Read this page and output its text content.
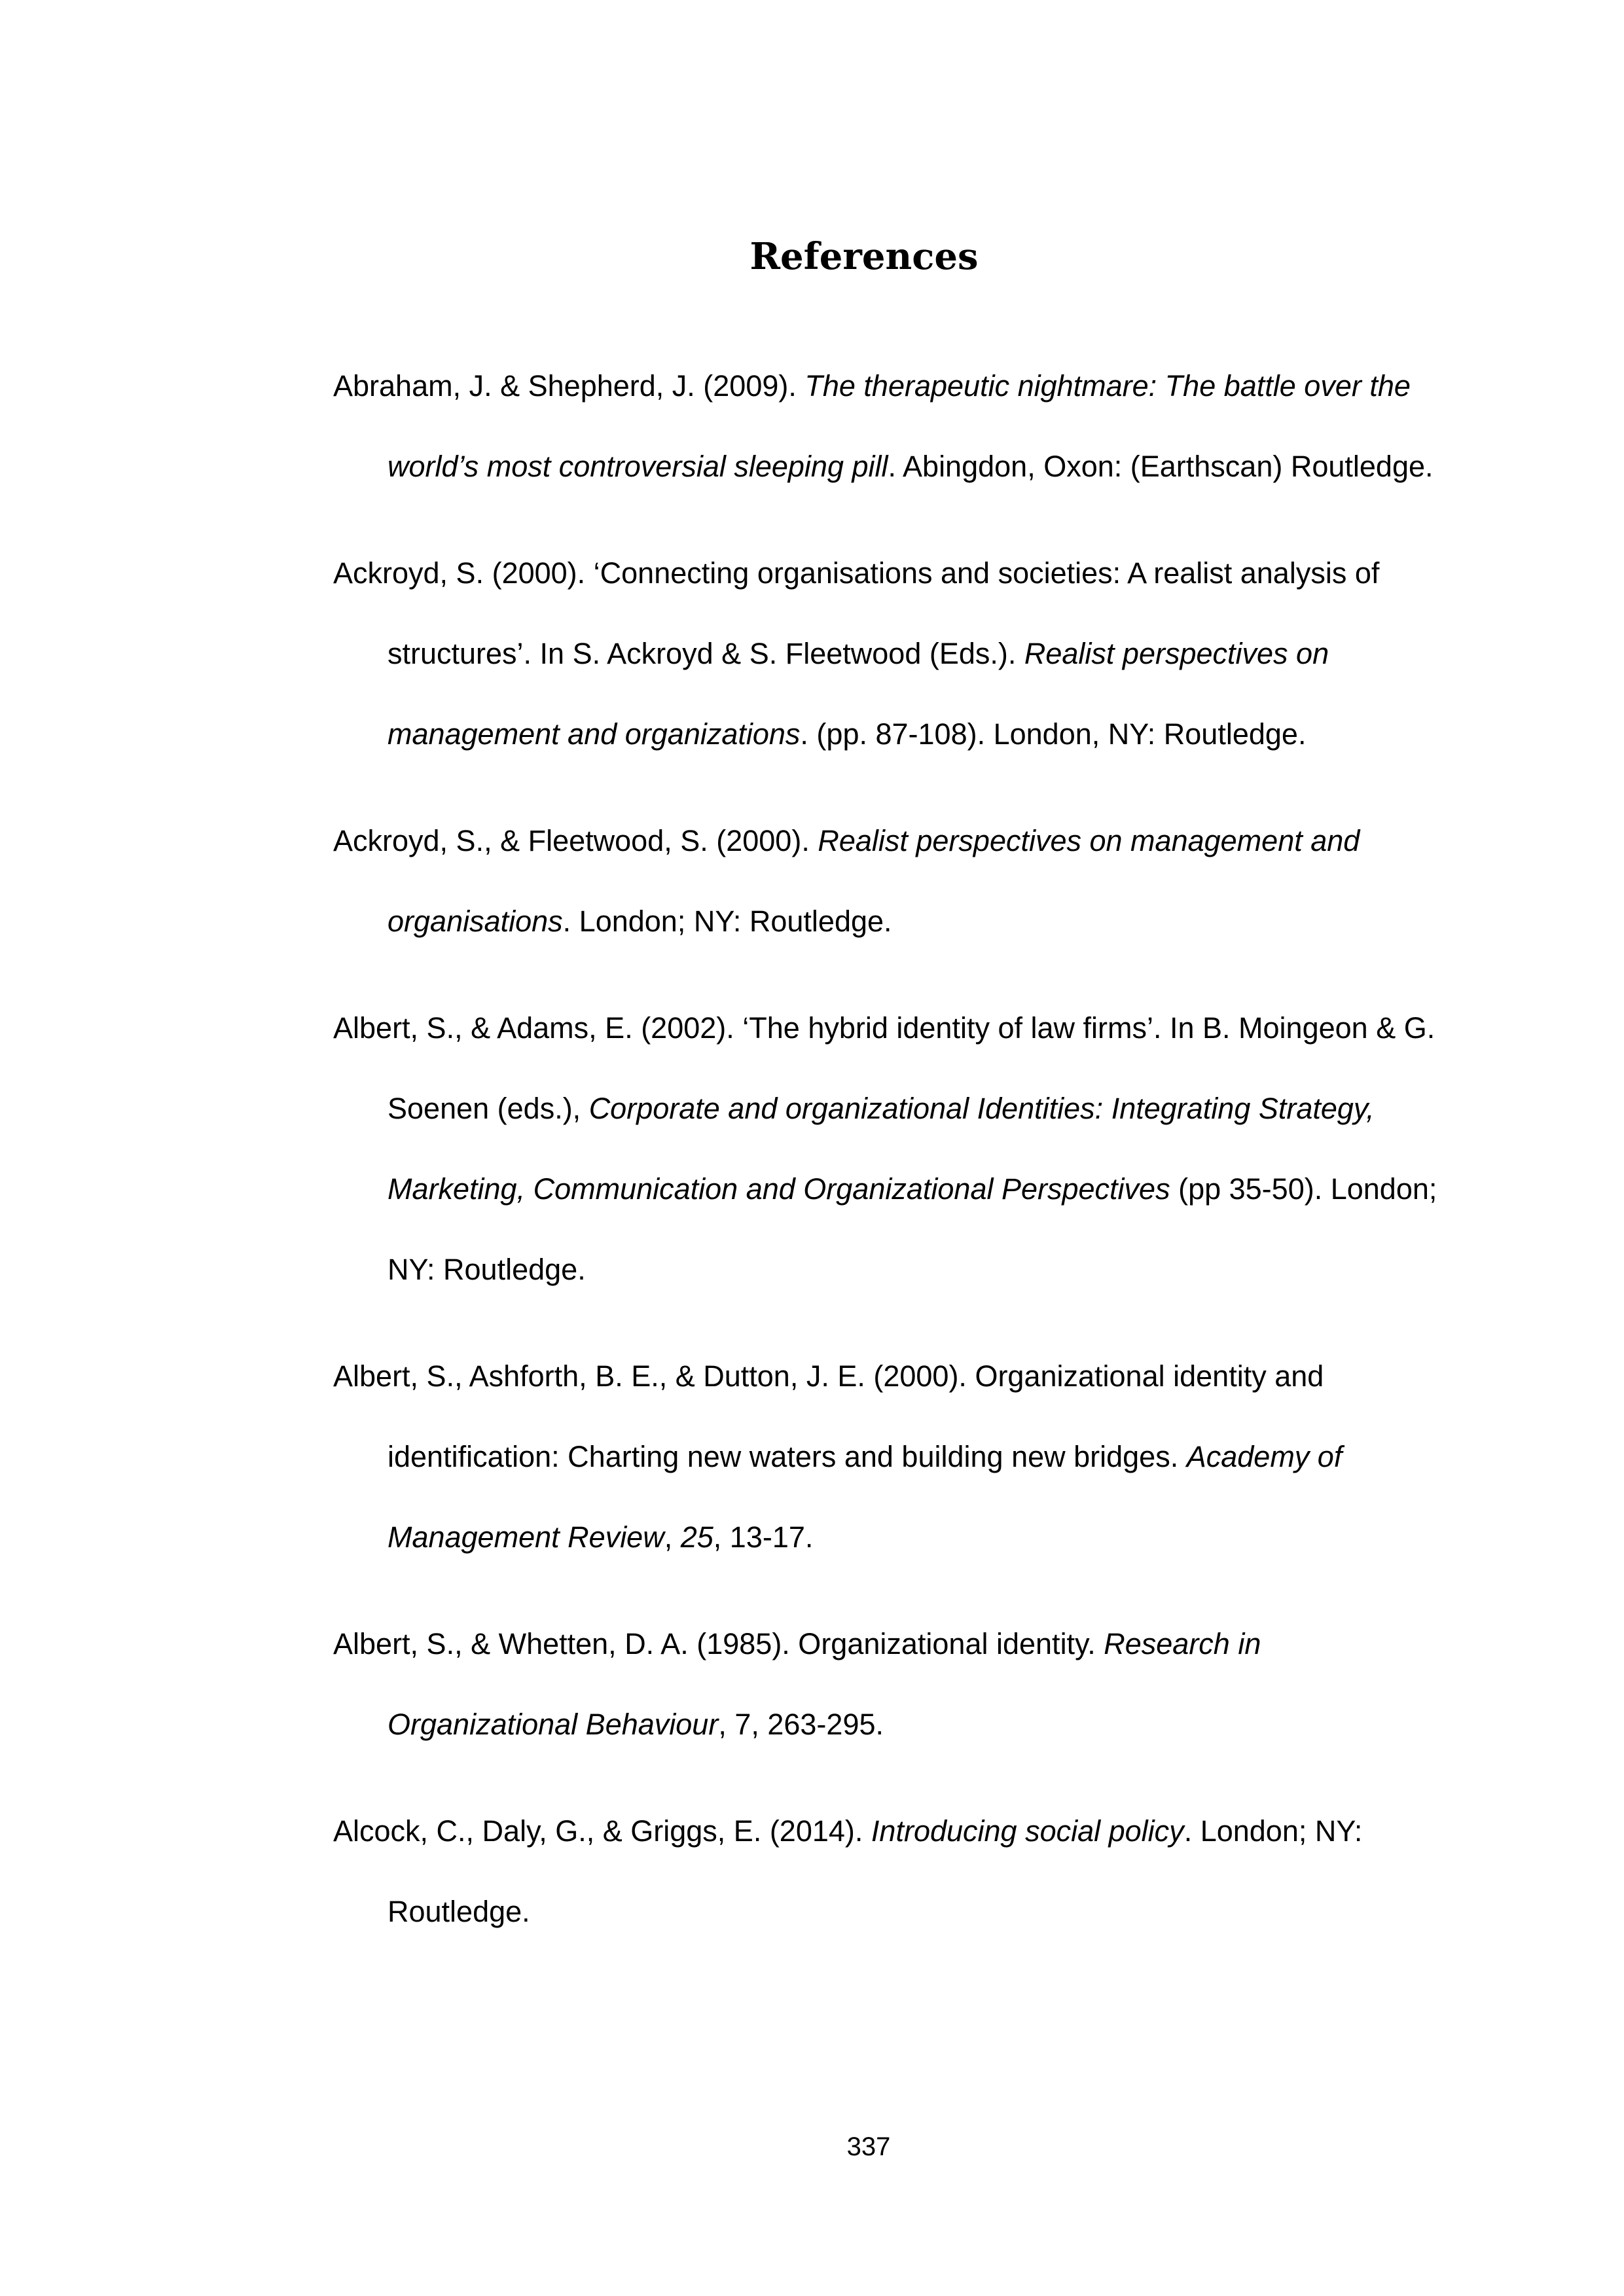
References
Abraham, J. & Shepherd, J. (2009). The therapeutic nightmare: The battle over the world’s most controversial sleeping pill. Abingdon, Oxon: (Earthscan) Routledge.
Ackroyd, S. (2000). ‘Connecting organisations and societies: A realist analysis of structures’. In S. Ackroyd & S. Fleetwood (Eds.). Realist perspectives on management and organizations. (pp. 87-108). London, NY: Routledge.
Ackroyd, S., & Fleetwood, S. (2000). Realist perspectives on management and organisations. London; NY: Routledge.
Albert, S., & Adams, E. (2002). ‘The hybrid identity of law firms’. In B. Moingeon & G. Soenen (eds.), Corporate and organizational Identities: Integrating Strategy, Marketing, Communication and Organizational Perspectives (pp 35-50). London; NY: Routledge.
Albert, S., Ashforth, B. E., & Dutton, J. E. (2000). Organizational identity and identification: Charting new waters and building new bridges. Academy of Management Review, 25, 13-17.
Albert, S., & Whetten, D. A. (1985). Organizational identity. Research in Organizational Behaviour, 7, 263-295.
Alcock, C., Daly, G., & Griggs, E. (2014). Introducing social policy. London; NY: Routledge.
337
